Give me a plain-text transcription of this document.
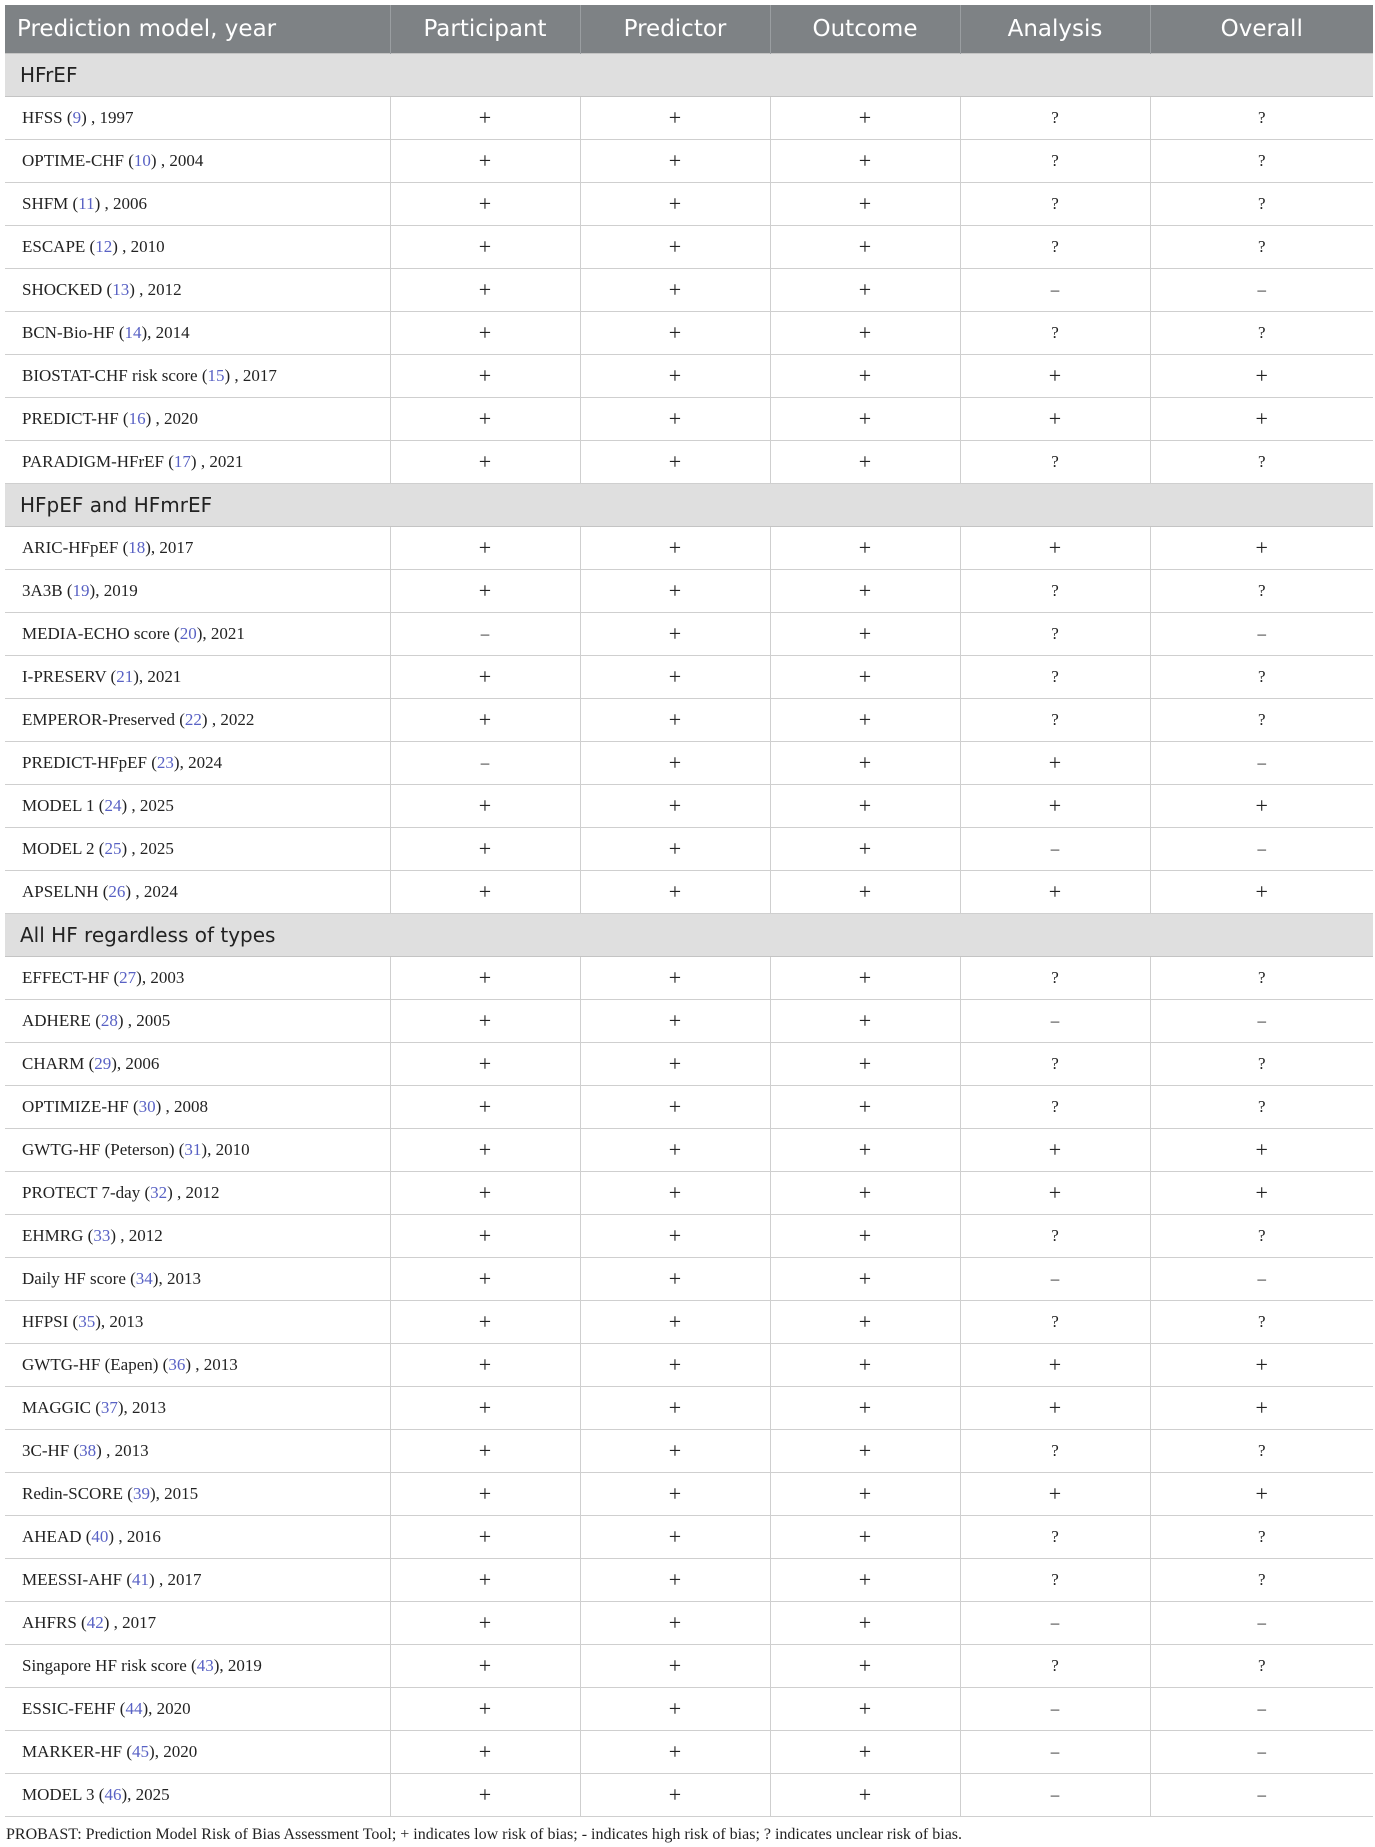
Prediction model, year	Participant	Predictor	Outcome	Analysis	Overall
HFrEF					
HFSS (9) , 1997	+	+	+	?	?
OPTIME-CHF (10) , 2004	+	+	+	?	?
SHFM (11) , 2006	+	+	+	?	?
ESCAPE (12) , 2010	+	+	+	?	?
SHOCKED (13) , 2012	+	+	+	–	–
BCN-Bio-HF (14), 2014	+	+	+	?	?
BIOSTAT-CHF risk score (15) , 2017	+	+	+	+	+
PREDICT-HF (16) , 2020	+	+	+	+	+
PARADIGM-HFrEF (17) , 2021	+	+	+	?	?
HFpEF and HFmrEF					
ARIC-HFpEF (18), 2017	+	+	+	+	+
3A3B (19), 2019	+	+	+	?	?
MEDIA-ECHO score (20), 2021	–	+	+	?	–
I-PRESERV (21), 2021	+	+	+	?	?
EMPEROR-Preserved (22) , 2022	+	+	+	?	?
PREDICT-HFpEF (23), 2024	–	+	+	+	–
MODEL 1 (24) , 2025	+	+	+	+	+
MODEL 2 (25) , 2025	+	+	+	–	–
APSELNH (26) , 2024	+	+	+	+	+
All HF regardless of types					
EFFECT-HF (27), 2003	+	+	+	?	?
ADHERE (28) , 2005	+	+	+	–	–
CHARM (29), 2006	+	+	+	?	?
OPTIMIZE-HF (30) , 2008	+	+	+	?	?
GWTG-HF (Peterson) (31), 2010	+	+	+	+	+
PROTECT 7-day (32) , 2012	+	+	+	+	+
EHMRG (33) , 2012	+	+	+	?	?
Daily HF score (34), 2013	+	+	+	–	–
HFPSI (35), 2013	+	+	+	?	?
GWTG-HF (Eapen) (36) , 2013	+	+	+	+	+
MAGGIC (37), 2013	+	+	+	+	+
3C-HF (38) , 2013	+	+	+	?	?
Redin-SCORE (39), 2015	+	+	+	+	+
AHEAD (40) , 2016	+	+	+	?	?
MEESSI-AHF (41) , 2017	+	+	+	?	?
AHFRS (42) , 2017	+	+	+	–	–
Singapore HF risk score (43), 2019	+	+	+	?	?
ESSIC-FEHF (44), 2020	+	+	+	–	–
MARKER-HF (45), 2020	+	+	+	–	–
MODEL 3 (46), 2025	+	+	+	–	–
PROBAST: Prediction Model Risk of Bias Assessment Tool; + indicates low risk of bias; - indicates high risk of bias; ? indicates unclear risk of bias.
